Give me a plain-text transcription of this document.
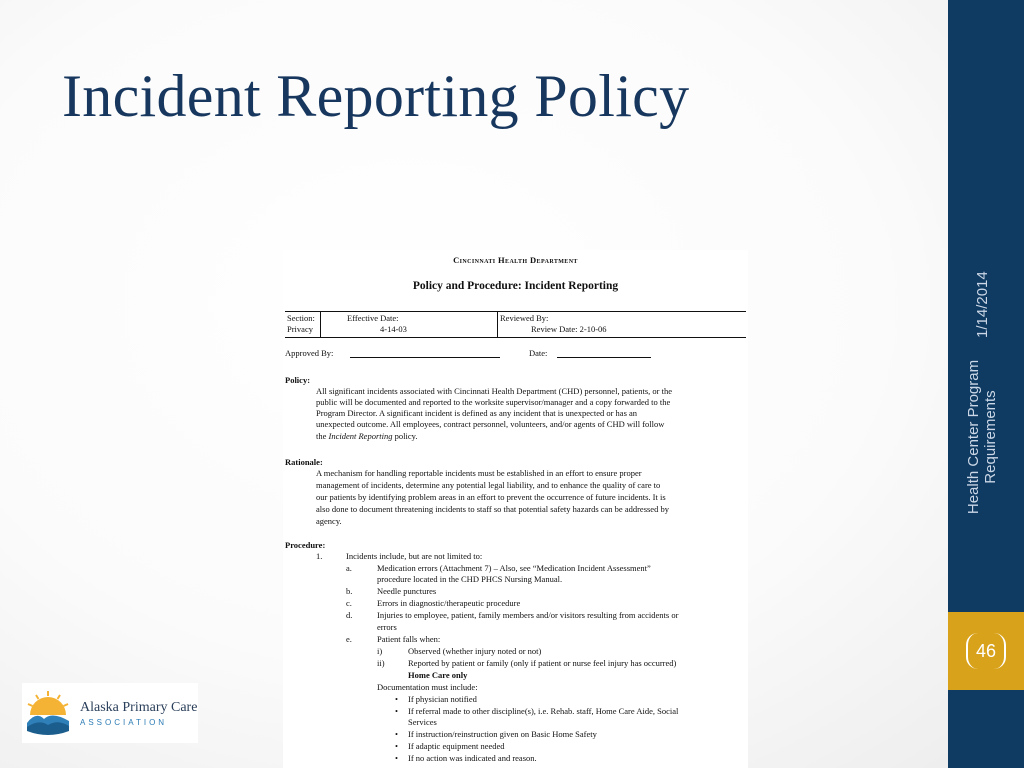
Incident Reporting Policy
1/14/2014
Health Center Program Requirements
46
Alaska Primary Care
ASSOCIATION
Cincinnati Health Department
Policy and Procedure: Incident Reporting
Section:
Privacy
Effective Date:
4-14-03
Reviewed By:
Review Date: 2-10-06
Approved By:	Date:
Policy:
All significant incidents associated with Cincinnati Health Department (CHD) personnel, patients, or the
public will be documented and reported to the worksite supervisor/manager and a copy forwarded to the
Program Director. A significant incident is defined as any incident that is unexpected or has an
unexpected outcome. All employees, contract personnel, volunteers, and/or agents of CHD will follow
the Incident Reporting policy.
Rationale:
A mechanism for handling reportable incidents must be established in an effort to ensure proper
management of incidents, determine any potential legal liability, and to enhance the quality of care to
our patients by identifying problem areas in an effort to prevent the occurrence of future incidents. It is
also done to document threatening incidents to staff so that potential safety hazards can be addressed by
agency.
Procedure:
1.	Incidents include, but are not limited to:
a.	Medication errors (Attachment 7) – Also, see “Medication Incident Assessment”
procedure located in the CHD PHCS Nursing Manual.
b.	Needle punctures
c.	Errors in diagnostic/therapeutic procedure
d.	Injuries to employee, patient, family members and/or visitors resulting from accidents or
errors
e.	Patient falls when:
i)	Observed (whether injury noted or not)
ii)	Reported by patient or family (only if patient or nurse feel injury has occurred)
Home Care only
Documentation must include:
• If physician notified
• If referral made to other discipline(s), i.e. Rehab. staff, Home Care Aide, Social
Services
• If instruction/reinstruction given on Basic Home Safety
• If adaptic equipment needed
• If no action was indicated and reason.
